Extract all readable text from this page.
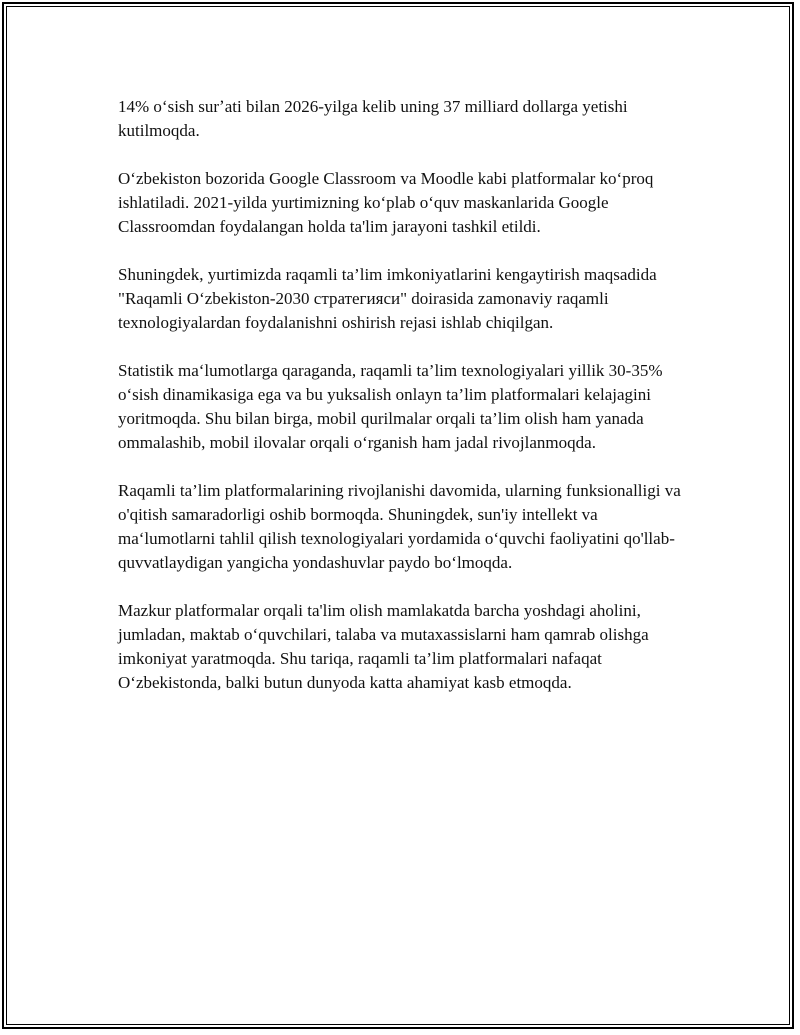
14% oʻsish surʼati bilan 2026-yilga kelib uning 37 milliard dollarga yetishi kutilmoqda.

Oʻzbekiston bozorida Google Classroom va Moodle kabi platformalar koʻproq ishlatiladi. 2021-yilda yurtimizning koʻplab oʻquv maskanlarida Google Classroomdan foydalangan holda ta'lim jarayoni tashkil etildi.

Shuningdek, yurtimizda raqamli ta’lim imkoniyatlarini kengaytirish maqsadida "Raqamli Oʻzbekiston-2030 стратегияси" doirasida zamonaviy raqamli texnologiyalardan foydalanishni oshirish rejasi ishlab chiqilgan.

Statistik maʻlumotlarga qaraganda, raqamli ta’lim texnologiyalari yillik 30-35% oʻsish dinamikasiga ega va bu yuksalish onlayn ta’lim platformalari kelajagini yoritmoqda. Shu bilan birga, mobil qurilmalar orqali ta’lim olish ham yanada ommalashib, mobil ilovalar orqali oʻrganish ham jadal rivojlanmoqda.

Raqamli ta’lim platformalarining rivojlanishi davomida, ularning funksionalligi va o'qitish samaradorligi oshib bormoqda. Shuningdek, sun'iy intellekt va maʻlumotlarni tahlil qilish texnologiyalari yordamida oʻquvchi faoliyatini qo'llab-quvvatlaydigan yangicha yondashuvlar paydo boʻlmoqda.

Mazkur platformalar orqali ta'lim olish mamlakatda barcha yoshdagi aholini, jumladan, maktab oʻquvchilari, talaba va mutaxassislarni ham qamrab olishga imkoniyat yaratmoqda. Shu tariqa, raqamli ta’lim platformalari nafaqat Oʻzbekistonda, balki butun dunyoda katta ahamiyat kasb etmoqda.
